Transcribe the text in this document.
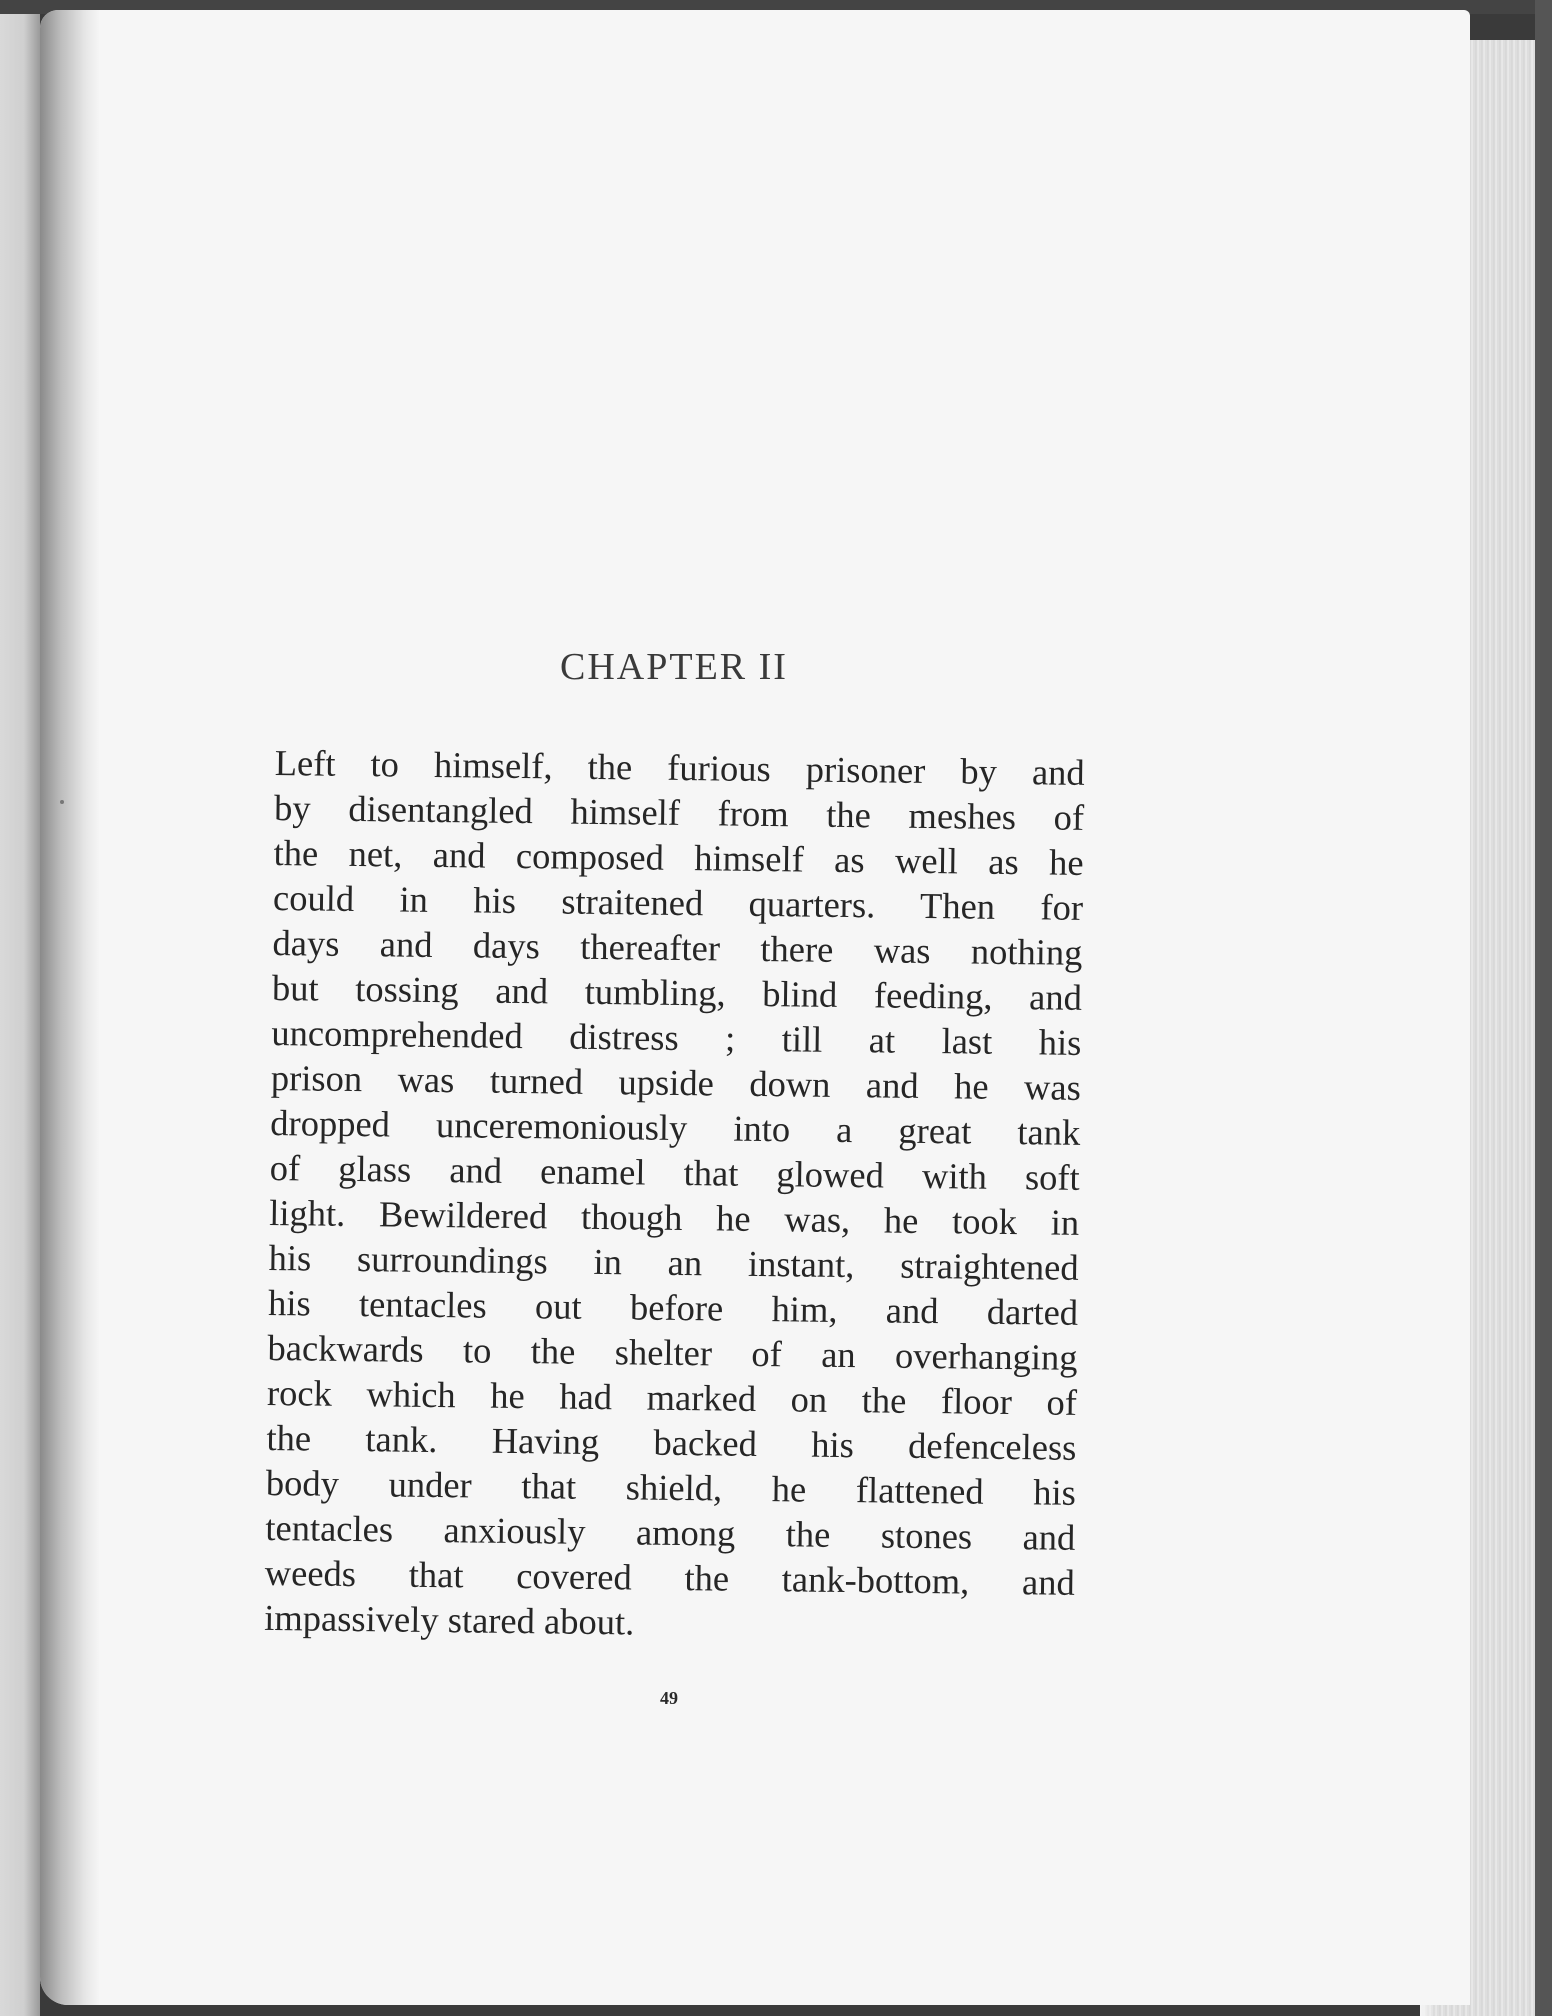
CHAPTER II
Left to himself, the furious prisoner by and
by disentangled himself from the meshes of
the net, and composed himself as well as he
could in his straitened quarters. Then for
days and days thereafter there was nothing
but tossing and tumbling, blind feeding, and
uncomprehended distress ; till at last his
prison was turned upside down and he was
dropped unceremoniously into a great tank
of glass and enamel that glowed with soft
light. Bewildered though he was, he took in
his surroundings in an instant, straightened
his tentacles out before him, and darted
backwards to the shelter of an overhanging
rock which he had marked on the floor of
the tank. Having backed his defenceless
body under that shield, he flattened his
tentacles anxiously among the stones and
weeds that covered the tank-bottom, and
impassively stared about.

49
